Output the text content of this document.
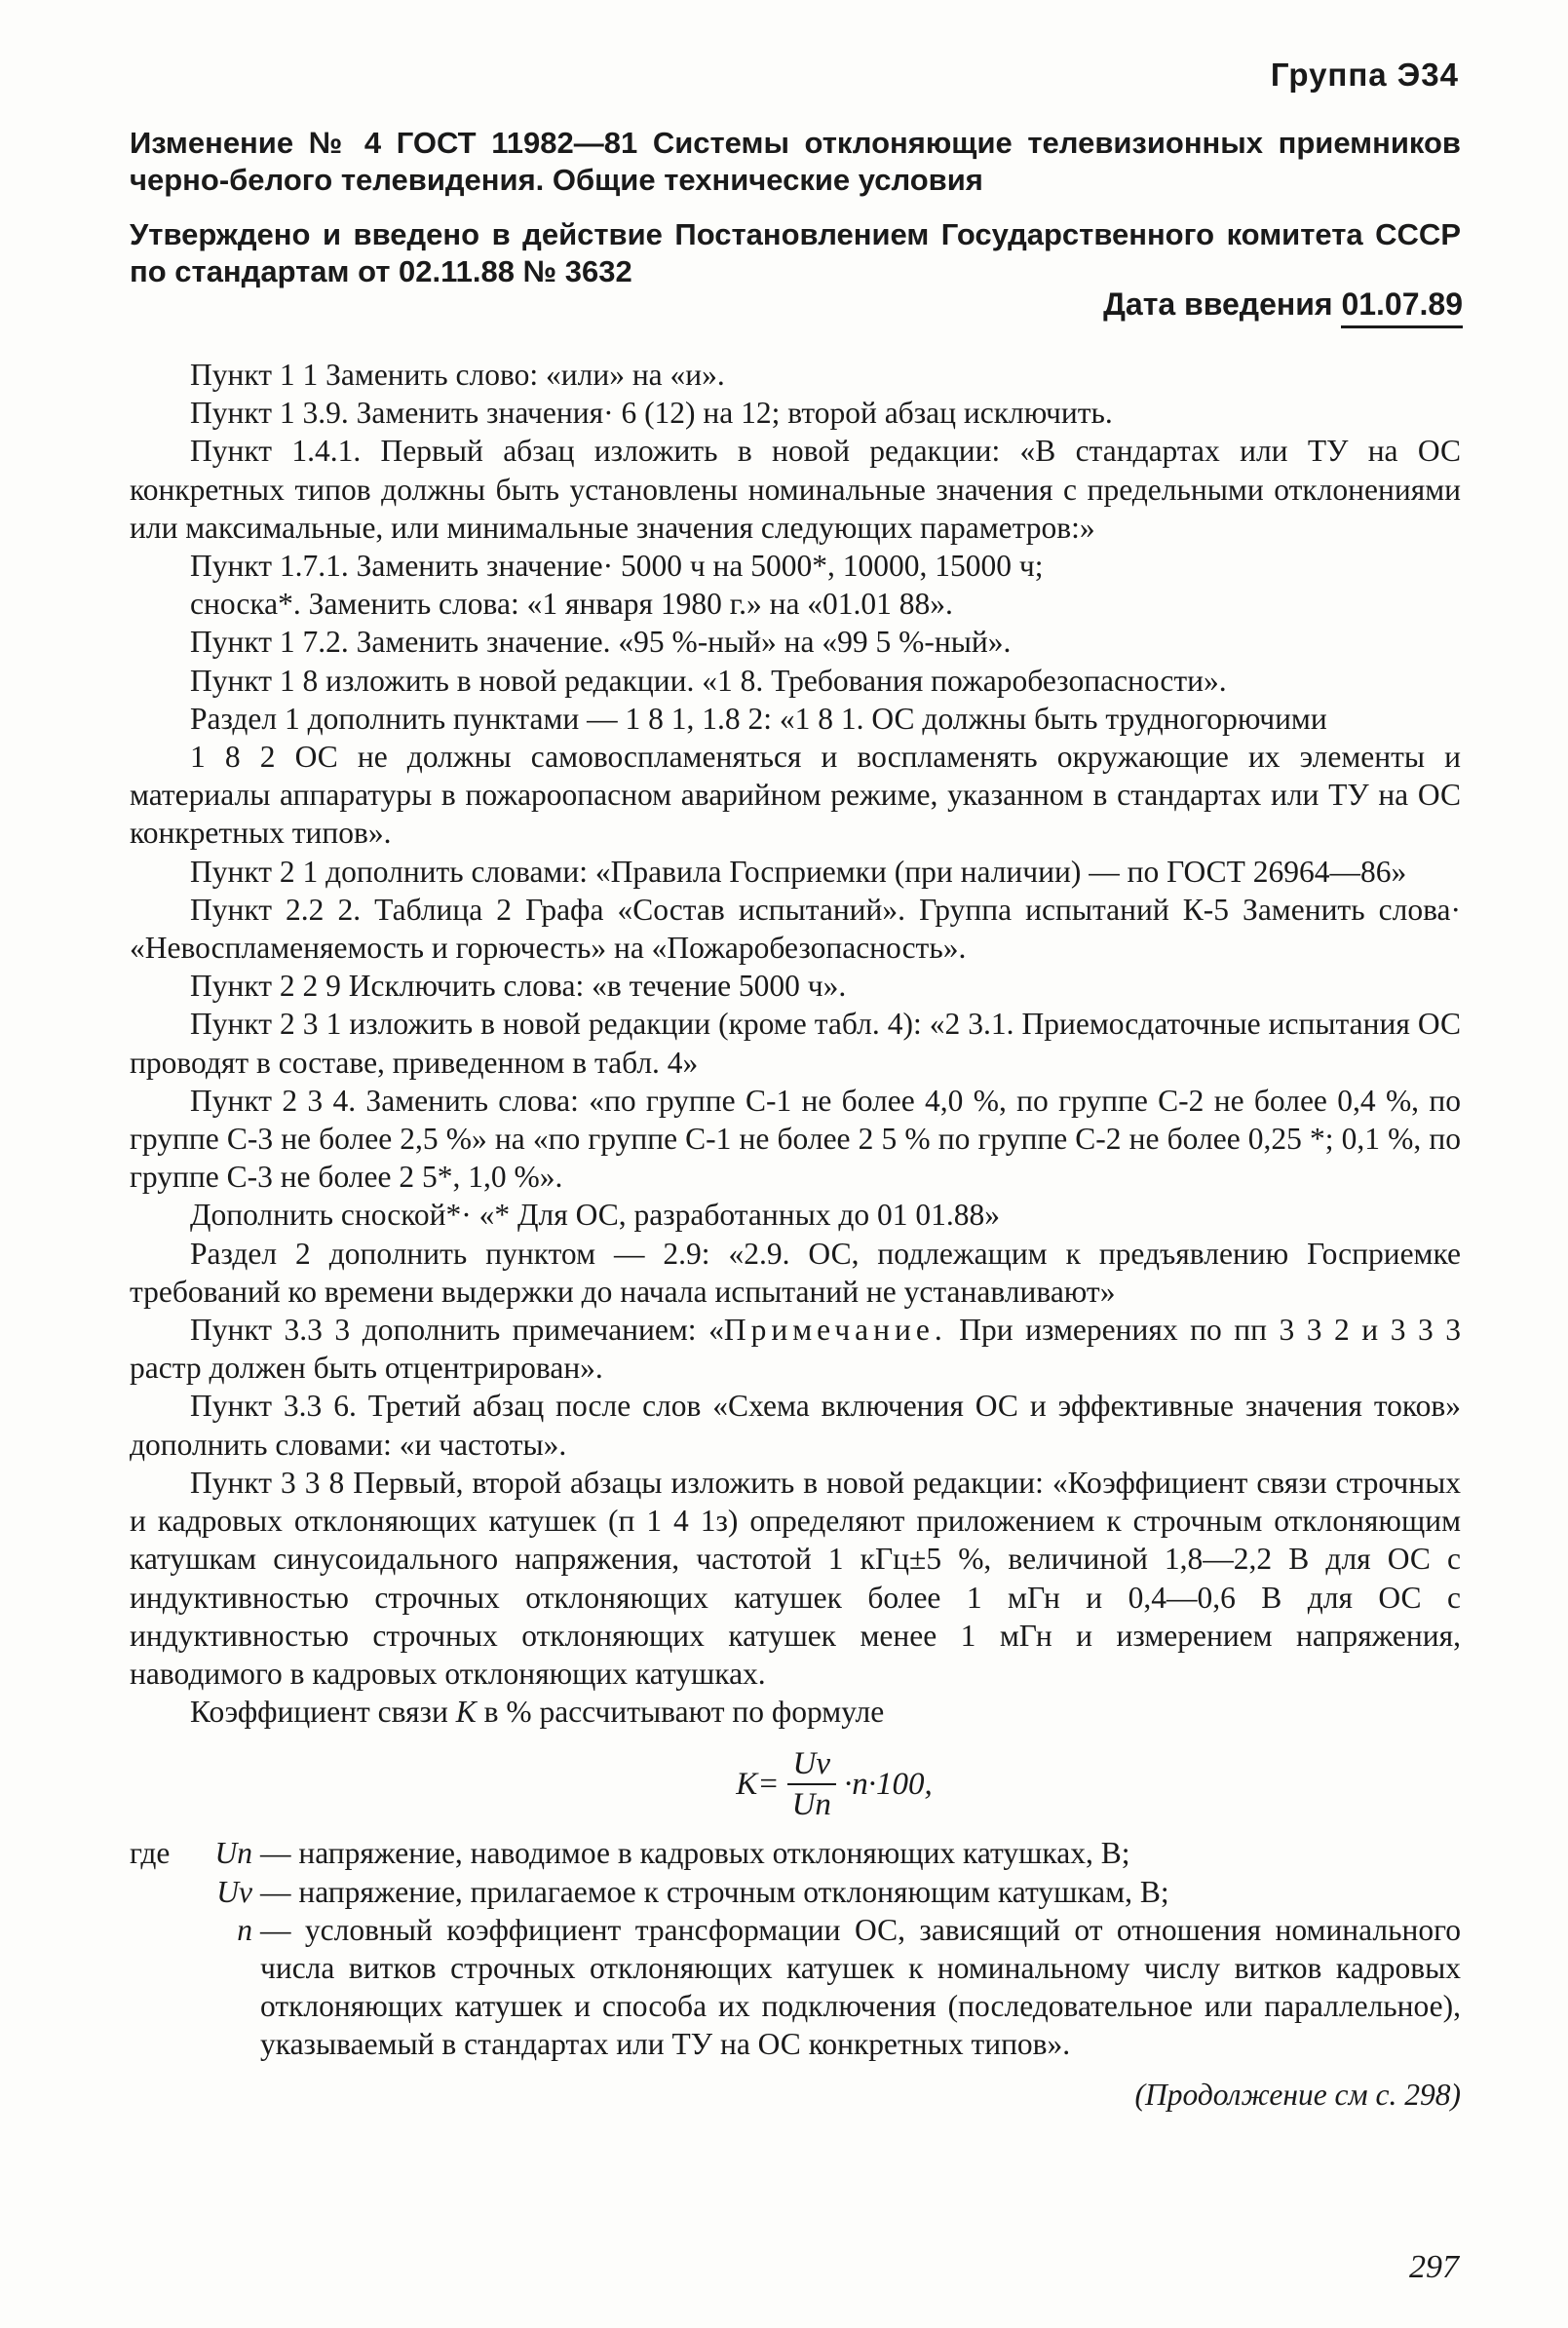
Группа Э34
Изменение № 4 ГОСТ 11982—81 Системы отклоняющие телевизионных приемников черно-белого телевидения. Общие технические условия
Утверждено и введено в действие Постановлением Государственного комитета СССР по стандартам от 02.11.88 № 3632
Дата введения 01.07.89

Пункт 1 1 Заменить слово: «или» на «и».

Пункт 1 3.9. Заменить значения· 6 (12) на 12; второй абзац исключить.

Пункт 1.4.1. Первый абзац изложить в новой редакции: «В стандартах или ТУ на ОС конкретных типов должны быть установлены номинальные значения с предельными отклонениями или максимальные, или минимальные значения следующих параметров:»

Пункт 1.7.1. Заменить значение· 5000 ч на 5000*, 10000, 15000 ч;

сноска*. Заменить слова: «1 января 1980 г.» на «01.01 88».

Пункт 1 7.2. Заменить значение. «95 %-ный» на «99 5 %-ный».

Пункт 1 8 изложить в новой редакции. «1 8. Требования пожаробезопасности».

Раздел 1 дополнить пунктами — 1 8 1, 1.8 2: «1 8 1. ОС должны быть трудногорючими

1 8 2 ОС не должны самовоспламеняться и воспламенять окружающие их элементы и материалы аппаратуры в пожароопасном аварийном режиме, указанном в стандартах или ТУ на ОС конкретных типов».

Пункт 2 1 дополнить словами: «Правила Госприемки (при наличии) — по ГОСТ 26964—86»

Пункт 2.2 2. Таблица 2 Графа «Состав испытаний». Группа испытаний К-5 Заменить слова· «Невоспламеняемость и горючесть» на «Пожаробезопасность».

Пункт 2 2 9 Исключить слова: «в течение 5000 ч».

Пункт 2 3 1 изложить в новой редакции (кроме табл. 4): «2 3.1. Приемосдаточные испытания ОС проводят в составе, приведенном в табл. 4»

Пункт 2 3 4. Заменить слова: «по группе С-1 не более 4,0 %, по группе С-2 не более 0,4 %, по группе С-3 не более 2,5 %» на «по группе С-1 не более 2 5 % по группе С-2 не более 0,25 *; 0,1 %, по группе С-3 не более 2 5*, 1,0 %».

Дополнить сноской*· «* Для ОС, разработанных до 01 01.88»

Раздел 2 дополнить пунктом — 2.9: «2.9. ОС, подлежащим к предъявлению Госприемке требований ко времени выдержки до начала испытаний не устанавливают»

Пункт 3.3 3 дополнить примечанием: «Примечание. При измерениях по пп 3 3 2 и 3 3 3 растр должен быть отцентрирован».

Пункт 3.3 6. Третий абзац после слов «Схема включения ОС и эффективные значения токов» дополнить словами: «и частоты».

Пункт 3 3 8 Первый, второй абзацы изложить в новой редакции: «Коэффициент связи строчных и кадровых отклоняющих катушек (п 1 4 1з) определяют приложением к строчным отклоняющим катушкам синусоидального напряжения, частотой 1 кГц±5 %, величиной 1,8—2,2 В для ОС с индуктивностью строчных отклоняющих катушек более 1 мГн и 0,4—0,6 В для ОС с индуктивностью строчных отклоняющих катушек менее 1 мГн и измерением напряжения, наводимого в кадровых отклоняющих катушках.

Коэффициент связи K в % рассчитывают по формуле

$K= \frac{Uv}{Un} \cdot n\cdot 100$,
где	Un — напряжение, наводимое в кадровых отклоняющих катушках, В;
Uv — напряжение, прилагаемое к строчным отклоняющим катушкам, В;
n — условный коэффициент трансформации ОС, зависящий от отношения номинального числа витков строчных отклоняющих катушек к номинальному числу витков кадровых отклоняющих катушек и способа их подключения (последовательное или параллельное), указываемый в стандартах или ТУ на ОС конкретных типов».
(Продолжение см с. 298)
297
